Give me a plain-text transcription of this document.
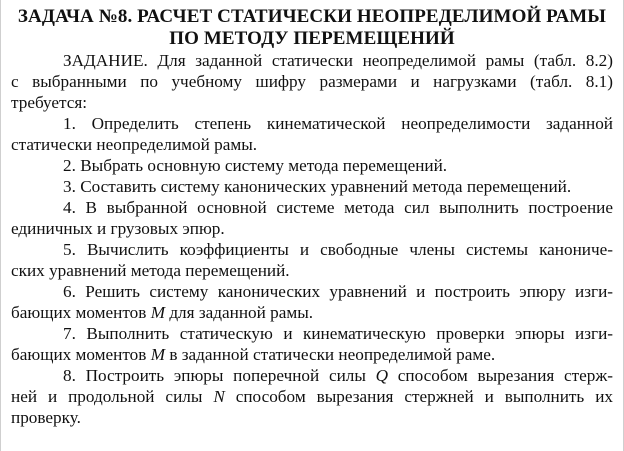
ЗАДАЧА №8. РАСЧЕТ СТАТИЧЕСКИ НЕОПРЕДЕЛИМОЙ РАМЫ
ПО МЕТОДУ ПЕРЕМЕЩЕНИЙ
ЗАДАНИЕ. Для заданной статически неопределимой рамы (табл. 8.2)
с выбранными по учебному шифру размерами и нагрузками (табл. 8.1)
требуется:
1. Определить степень кинематической неопределимости заданной
статически неопределимой рамы.
2. Выбрать основную систему метода перемещений.
3. Составить систему канонических уравнений метода перемещений.
4. В выбранной основной системе метода сил выполнить построение
единичных и грузовых эпюр.
5. Вычислить коэффициенты и свободные члены системы канониче-
ских уравнений метода перемещений.
6. Решить систему канонических уравнений и построить эпюру изги-
бающих моментов M для заданной рамы.
7. Выполнить статическую и кинематическую проверки эпюры изги-
бающих моментов M в заданной статически неопределимой раме.
8. Построить эпюры поперечной силы Q способом вырезания стерж-
ней и продольной силы N способом вырезания стержней и выполнить их
проверку.
